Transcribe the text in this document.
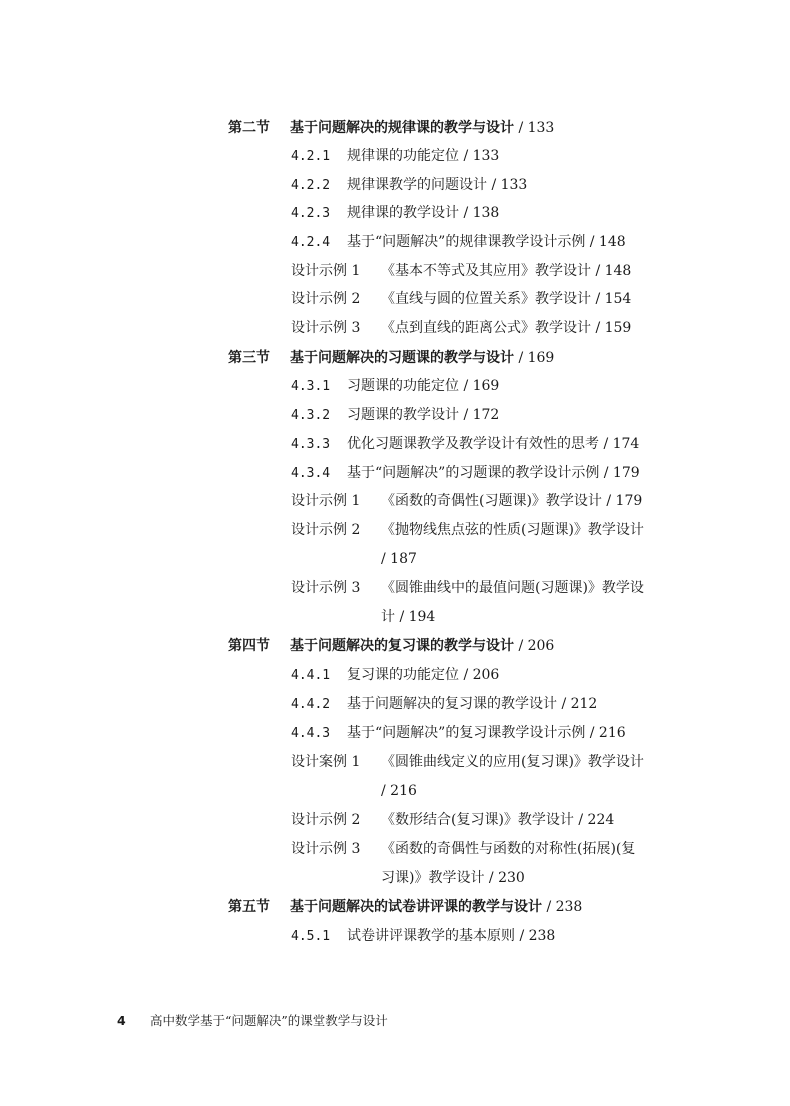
第二节 基于问题解决的规律课的教学与设计 / 133
4.2.1 规律课的功能定位 / 133
4.2.2 规律课教学的问题设计 / 133
4.2.3 规律课的教学设计 / 138
4.2.4 基于“问题解决”的规律课教学设计示例 / 148
设计示例 1 《基本不等式及其应用》教学设计 / 148
设计示例 2 《直线与圆的位置关系》教学设计 / 154
设计示例 3 《点到直线的距离公式》教学设计 / 159
第三节 基于问题解决的习题课的教学与设计 / 169
4.3.1 习题课的功能定位 / 169
4.3.2 习题课的教学设计 / 172
4.3.3 优化习题课教学及教学设计有效性的思考 / 174
4.3.4 基于“问题解决”的习题课的教学设计示例 / 179
设计示例 1 《函数的奇偶性(习题课)》教学设计 / 179
设计示例 2 《抛物线焦点弦的性质(习题课)》教学设计
/ 187
设计示例 3 《圆锥曲线中的最值问题(习题课)》教学设
计 / 194
第四节 基于问题解决的复习课的教学与设计 / 206
4.4.1 复习课的功能定位 / 206
4.4.2 基于问题解决的复习课的教学设计 / 212
4.4.3 基于“问题解决”的复习课教学设计示例 / 216
设计案例 1 《圆锥曲线定义的应用(复习课)》教学设计
/ 216
设计示例 2 《数形结合(复习课)》教学设计 / 224
设计示例 3 《函数的奇偶性与函数的对称性(拓展)(复
习课)》教学设计 / 230
第五节 基于问题解决的试卷讲评课的教学与设计 / 238
4.5.1 试卷讲评课教学的基本原则 / 238
4 高中数学基于“问题解决”的课堂教学与设计
